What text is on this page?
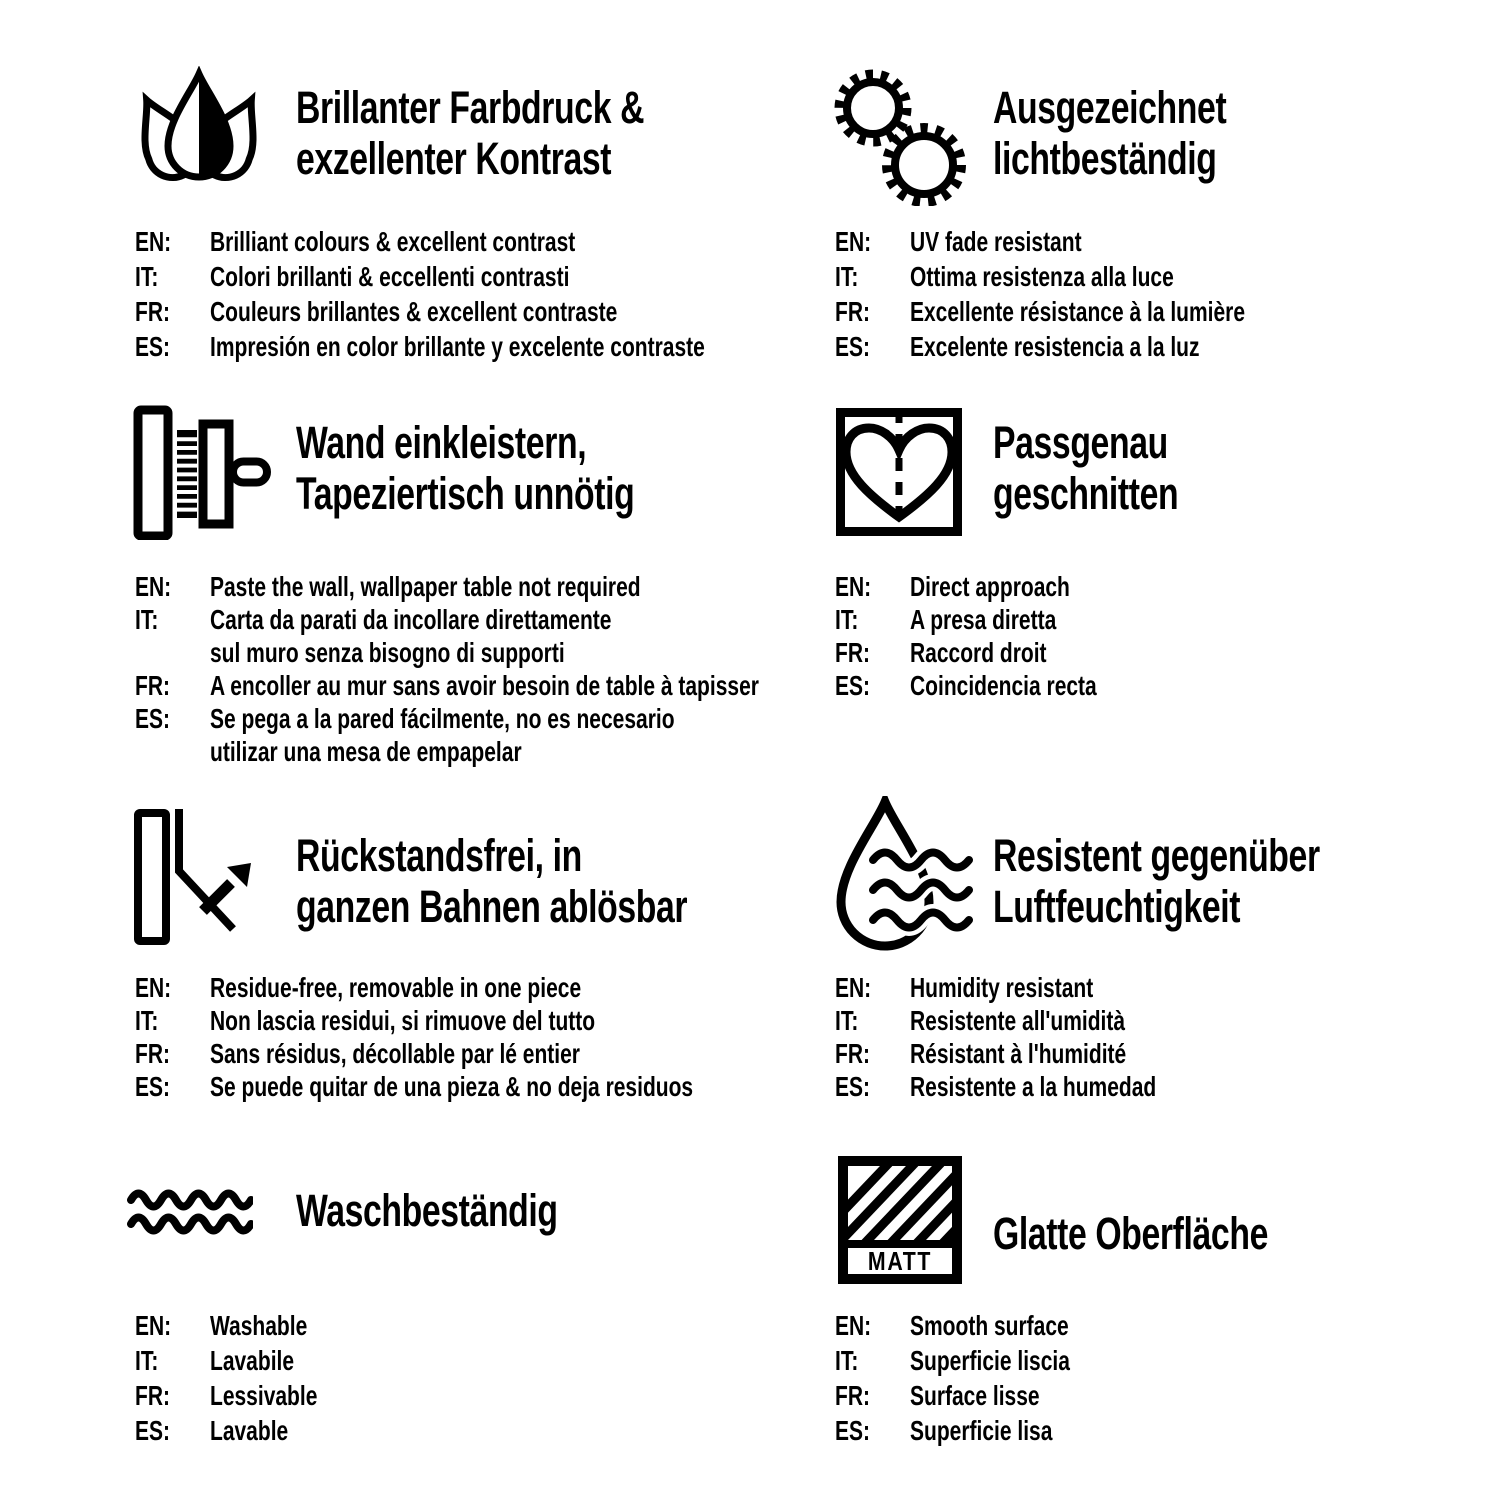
Brillanter Farbdruck &
exzellenter Kontrast
EN:	Brilliant colours & excellent contrast
IT:	Colori brillanti & eccellenti contrasti
FR:	Couleurs brillantes & excellent contraste
ES:	Impresión en color brillante y excelente contraste
Ausgezeichnet
lichtbeständig
EN:	UV fade resistant
IT:	Ottima resistenza alla luce
FR:	Excellente résistance à la lumière
ES:	Excelente resistencia a la luz
Wand einkleistern,
Tapeziertisch unnötig
EN:	Paste the wall, wallpaper table not required
IT:	Carta da parati da incollare direttamente
sul muro senza bisogno di supporti
FR:	A encoller au mur sans avoir besoin de table à tapisser
ES:	Se pega a la pared fácilmente, no es necesario
utilizar una mesa de empapelar
Passgenau
geschnitten
EN:	Direct approach
IT:	A presa diretta
FR:	Raccord droit
ES:	Coincidencia recta
Rückstandsfrei, in
ganzen Bahnen ablösbar
EN:	Residue-free, removable in one piece
IT:	Non lascia residui, si rimuove del tutto
FR:	Sans résidus, décollable par lé entier
ES:	Se puede quitar de una pieza & no deja residuos
Resistent gegenüber
Luftfeuchtigkeit
EN:	Humidity resistant
IT:	Resistente all'umidità
FR:	Résistant à l'humidité
ES:	Resistente a la humedad
Waschbeständig
EN:	Washable
IT:	Lavabile
FR:	Lessivable
ES:	Lavable
MATT
Glatte Oberfläche
EN:	Smooth surface
IT:	Superficie liscia
FR:	Surface lisse
ES:	Superficie lisa
